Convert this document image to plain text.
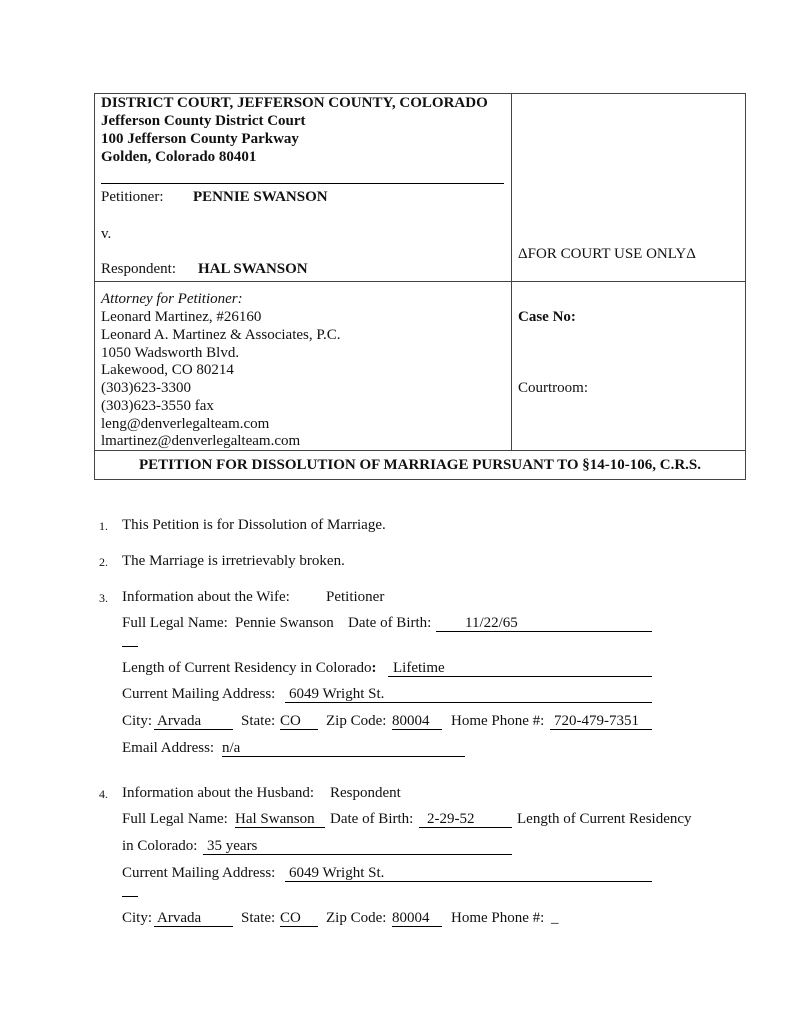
DISTRICT COURT, JEFFERSON COUNTY, COLORADO
Jefferson County District Court
100 Jefferson County Parkway
Golden, Colorado 80401
Petitioner: PENNIE SWANSON
v.
Respondent: HAL SWANSON
ΔFOR COURT USE ONLYΔ
Attorney for Petitioner:
Leonard Martinez, #26160
Leonard A. Martinez & Associates, P.C.
1050 Wadsworth Blvd.
Lakewood, CO 80214
(303)623-3300
(303)623-3550 fax
leng@denverlegalteam.com
lmartinez@denverlegalteam.com
Case No:
Courtroom:
PETITION FOR DISSOLUTION OF MARRIAGE PURSUANT TO §14-10-106, C.R.S.
1. This Petition is for Dissolution of Marriage.
2. The Marriage is irretrievably broken.
3. Information about the Wife: Petitioner
Full Legal Name: Pennie Swanson Date of Birth: 11/22/65
Length of Current Residency in Colorado: Lifetime
Current Mailing Address: 6049 Wright St.
City: Arvada	State: CO Zip Code: 80004 Home Phone #: 720-479-7351
Email Address: n/a
4. Information about the Husband: Respondent
Full Legal Name: Hal Swanson Date of Birth: 2-29-52	Length of Current Residency
in Colorado: 35 years
Current Mailing Address: 6049 Wright St.
City: Arvada	State: CO Zip Code: 80004 Home Phone #: _
